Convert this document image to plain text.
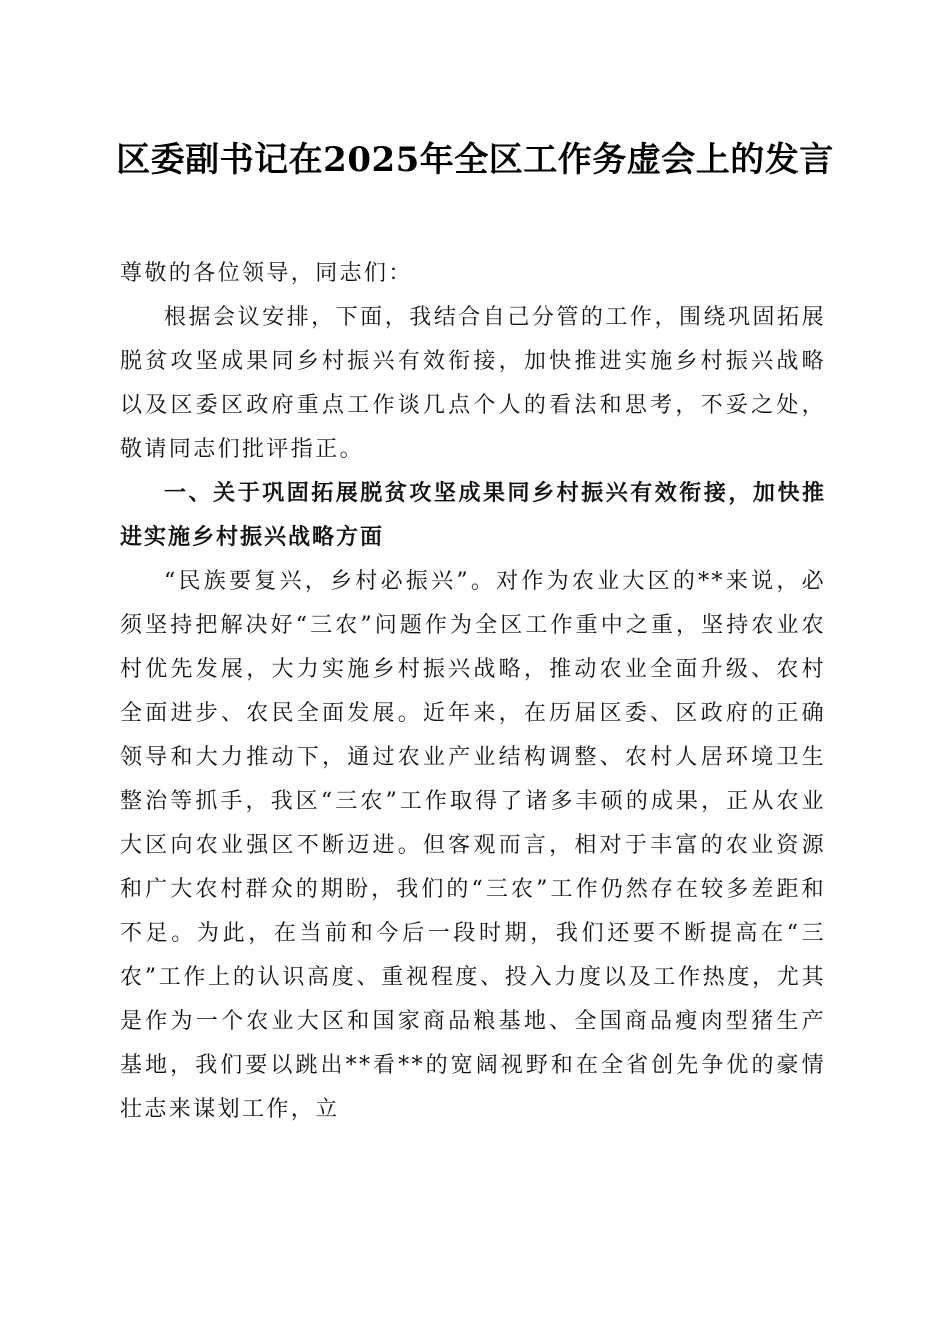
区委副书记在2025年全区工作务虚会上的发言

尊敬的各位领导，同志们：

根据会议安排，下面，我结合自己分管的工作，围绕巩固拓展脱贫攻坚成果同乡村振兴有效衔接，加快推进实施乡村振兴战略以及区委区政府重点工作谈几点个人的看法和思考，不妥之处，敬请同志们批评指正。

一、关于巩固拓展脱贫攻坚成果同乡村振兴有效衔接，加快推进实施乡村振兴战略方面

“民族要复兴，乡村必振兴”。对作为农业大区的**来说，必须坚持把解决好“三农”问题作为全区工作重中之重，坚持农业农村优先发展，大力实施乡村振兴战略，推动农业全面升级、农村全面进步、农民全面发展。近年来，在历届区委、区政府的正确领导和大力推动下，通过农业产业结构调整、农村人居环境卫生整治等抓手，我区“三农”工作取得了诸多丰硕的成果，正从农业大区向农业强区不断迈进。但客观而言，相对于丰富的农业资源和广大农村群众的期盼，我们的“三农”工作仍然存在较多差距和不足。为此，在当前和今后一段时期，我们还要不断提高在“三农”工作上的认识高度、重视程度、投入力度以及工作热度，尤其是作为一个农业大区和国家商品粮基地、全国商品瘦肉型猪生产基地，我们要以跳出**看**的宽阔视野和在全省创先争优的豪情壮志来谋划工作，立
